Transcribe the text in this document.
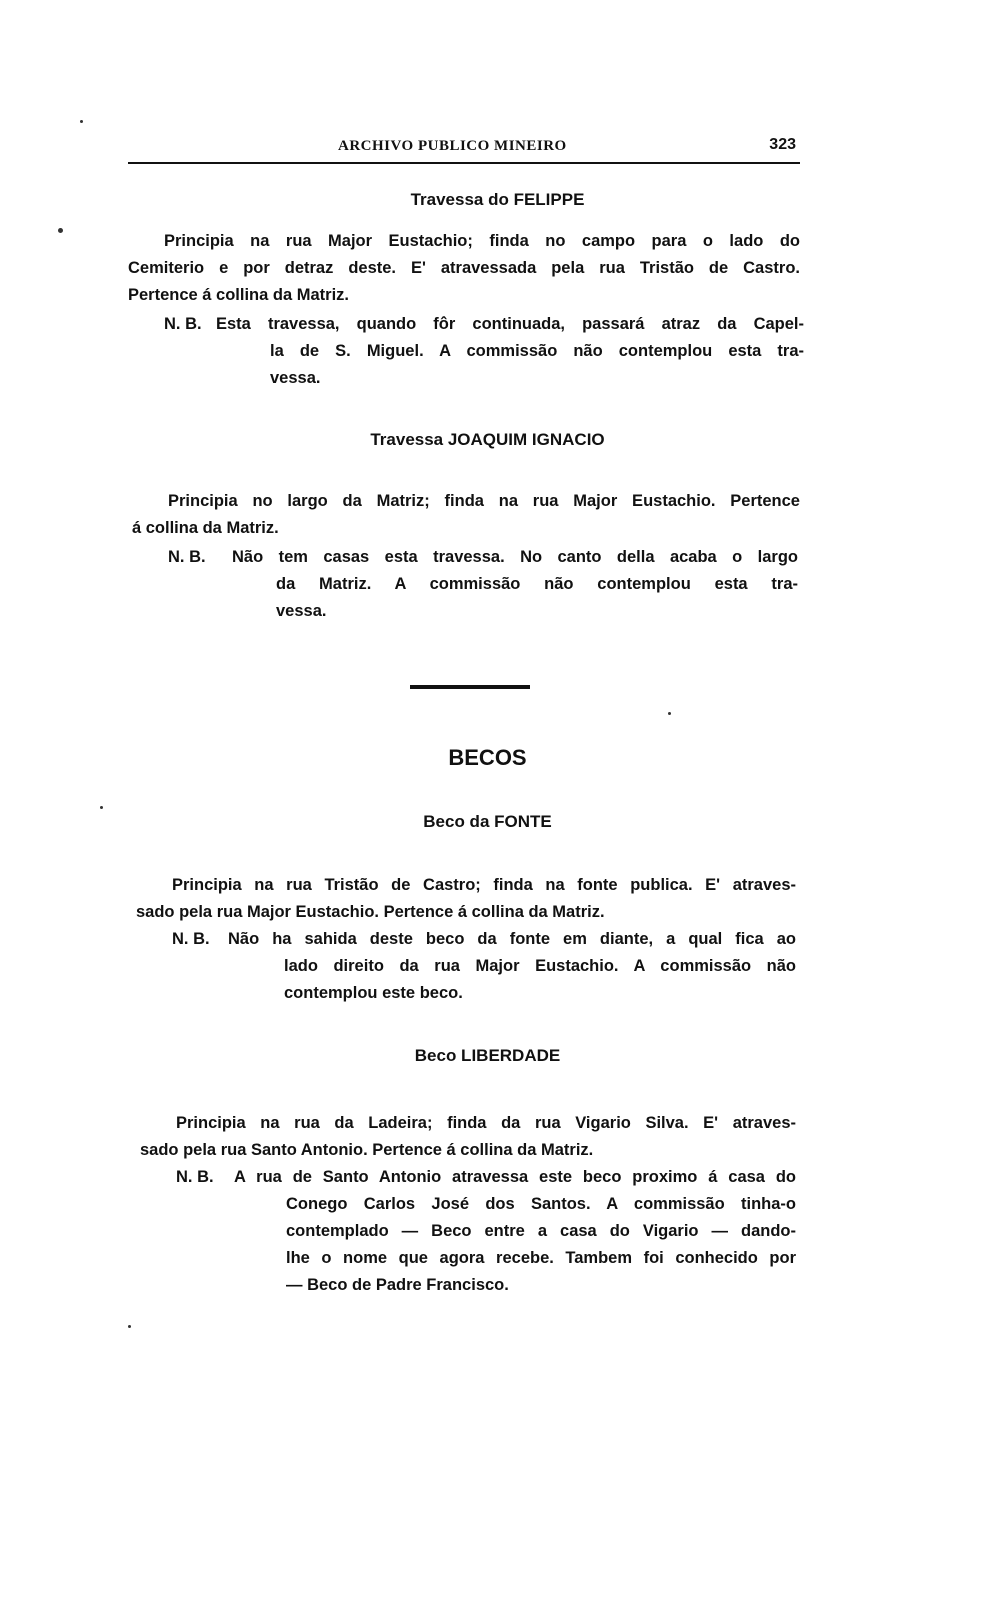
ARCHIVO PUBLICO MINEIRO	323
Travessa do FELIPPE
Principia na rua Major Eustachio; finda no campo para o lado do
Cemiterio e por detraz deste. E' atravessada pela rua Tristão de Castro.
Pertence á collina da Matriz.
N. B. Esta travessa, quando fôr continuada, passará atraz da Capel-
la de S. Miguel. A commissão não contemplou esta tra-
vessa.
Travessa JOAQUIM IGNACIO
Principia no largo da Matriz; finda na rua Major Eustachio. Pertence
á collina da Matriz.
N. B.	Não tem casas esta travessa. No canto della acaba o largo
da Matriz. A commissão não contemplou esta tra-
vessa.
BECOS
Beco da FONTE
Principia na rua Tristão de Castro; finda na fonte publica. E' atraves-
sado pela rua Major Eustachio. Pertence á collina da Matriz.
N. B.	Não ha sahida deste beco da fonte em diante, a qual fica ao
lado direito da rua Major Eustachio. A commissão não
contemplou este beco.
Beco LIBERDADE
Principia na rua da Ladeira; finda da rua Vigario Silva. E' atraves-
sado pela rua Santo Antonio. Pertence á collina da Matriz.
N. B.	A rua de Santo Antonio atravessa este beco proximo á casa do
Conego Carlos José dos Santos. A commissão tinha-o
contemplado — Beco entre a casa do Vigario — dando-
lhe o nome que agora recebe. Tambem foi conhecido por
— Beco de Padre Francisco.
